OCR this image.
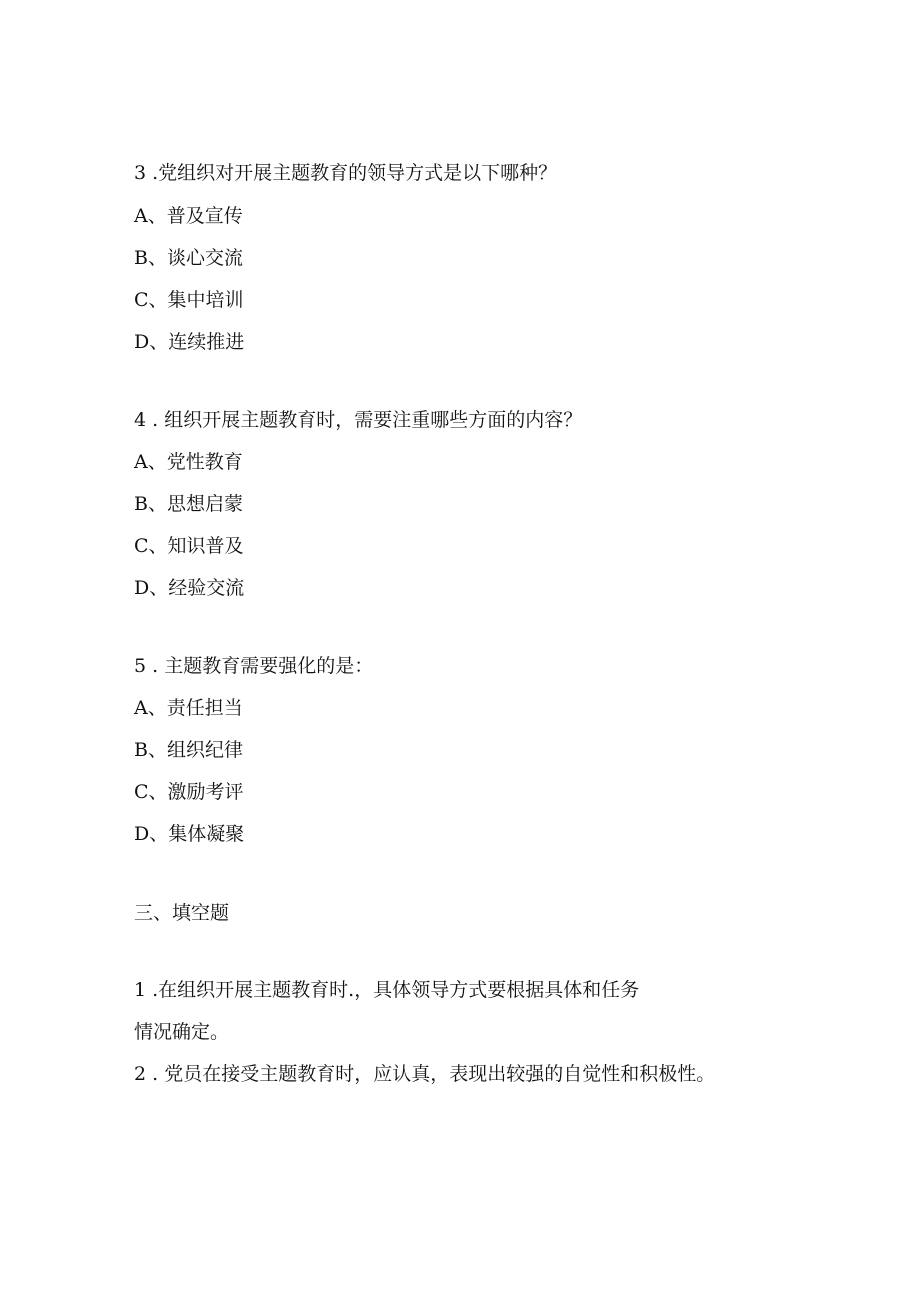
3 .党组织对开展主题教育的领导方式是以下哪种？
A、普及宣传
B、谈心交流
C、集中培训
D、连续推进
4 . 组织开展主题教育时，需要注重哪些方面的内容？
A、党性教育
B、思想启蒙
C、知识普及
D、经验交流
5 . 主题教育需要强化的是：
A、责任担当
B、组织纪律
C、激励考评
D、集体凝聚
三、填空题
1 .在组织开展主题教育时.，具体领导方式要根据具体和任务
情况确定。
2 . 党员在接受主题教育时，应认真，表现出较强的自觉性和积极性。
